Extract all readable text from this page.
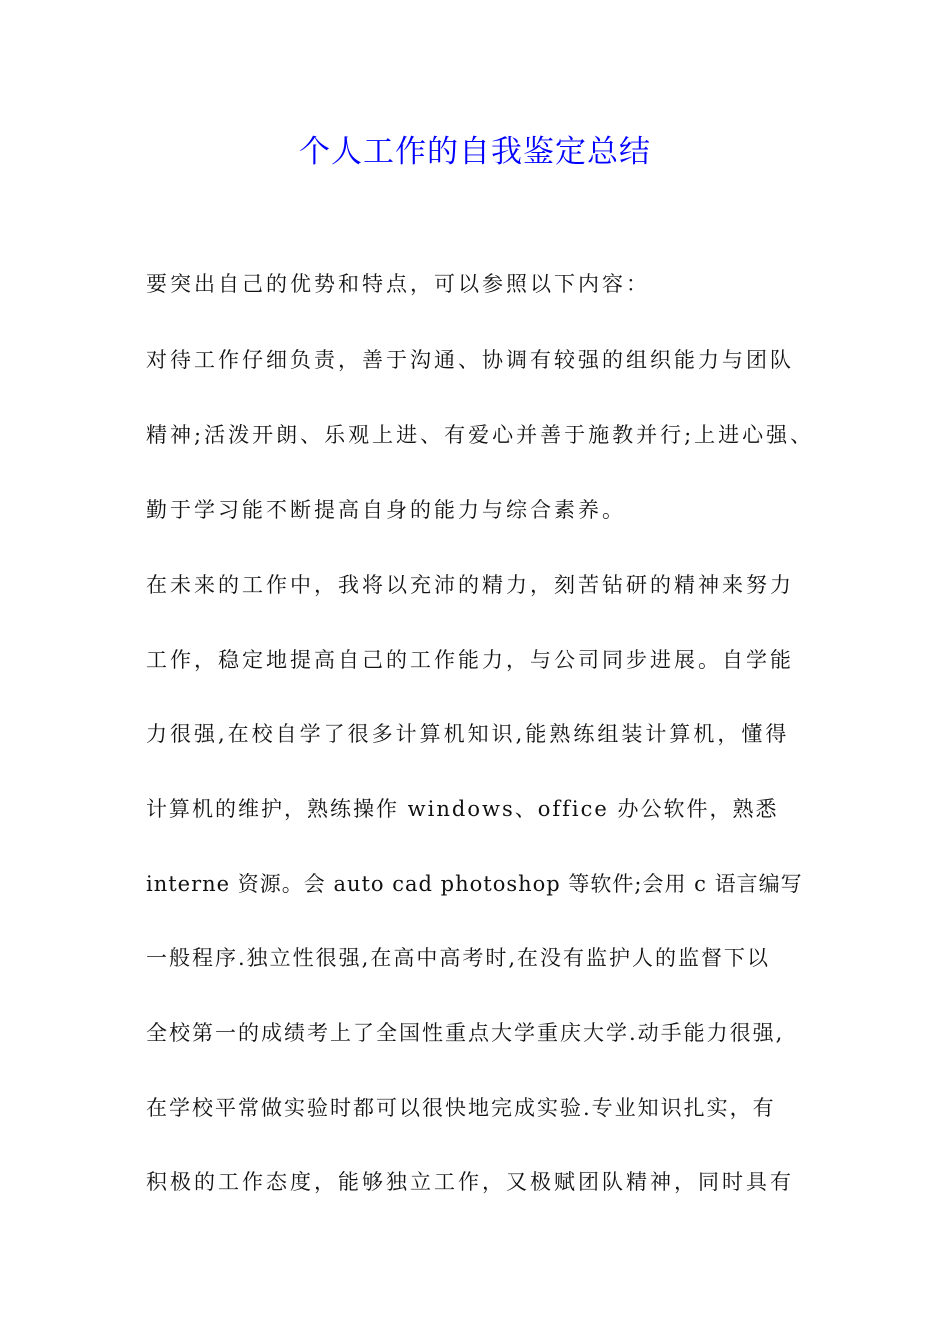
个人工作的自我鉴定总结
要突出自己的优势和特点，可以参照以下内容：
对待工作仔细负责，善于沟通、协调有较强的组织能力与团队
精神;活泼开朗、乐观上进、有爱心并善于施教并行;上进心强、
勤于学习能不断提高自身的能力与综合素养。
在未来的工作中，我将以充沛的精力，刻苦钻研的精神来努力
工作，稳定地提高自己的工作能力，与公司同步进展。自学能
力很强,在校自学了很多计算机知识,能熟练组装计算机，懂得
计算机的维护，熟练操作 windows、office 办公软件，熟悉
interne 资源。会 auto cad photoshop 等软件;会用 c 语言编写
一般程序.独立性很强,在高中高考时,在没有监护人的监督下以
全校第一的成绩考上了全国性重点大学重庆大学.动手能力很强,
在学校平常做实验时都可以很快地完成实验.专业知识扎实，有
积极的工作态度，能够独立工作，又极赋团队精神，同时具有
